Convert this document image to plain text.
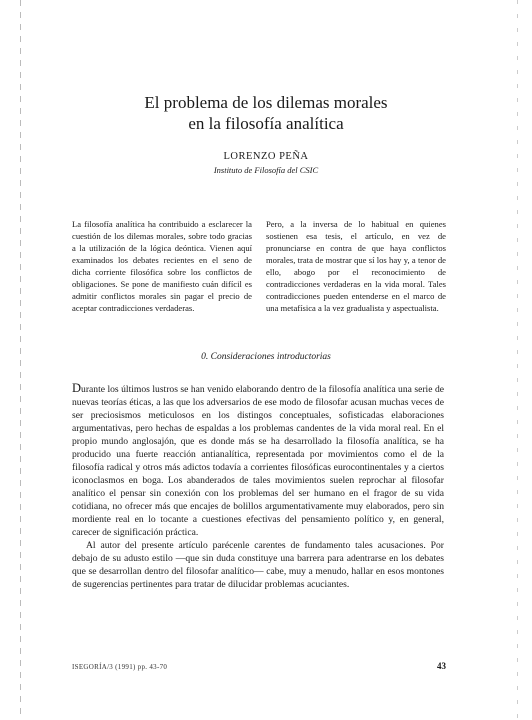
El problema de los dilemas morales
en la filosofía analítica
LORENZO PEÑA
Instituto de Filosofía del CSIC

La filosofía analítica ha contribuido a esclarecer la cuestión de los dilemas morales, sobre todo gracias a la utilización de la lógica deóntica. Vienen aquí examinados los debates recientes en el seno de dicha corriente filosófica sobre los conflictos de obligaciones. Se pone de manifiesto cuán difícil es admitir conflictos morales sin pagar el precio de aceptar contradicciones verdaderas.

Pero, a la inversa de lo habitual en quienes sostienen esa tesis, el artículo, en vez de pronunciarse en contra de que haya conflictos morales, trata de mostrar que sí los hay y, a tenor de ello, abogo por el reconocimiento de contradicciones verdaderas en la vida moral. Tales contradicciones pueden entenderse en el marco de una metafísica a la vez gradualista y aspectualista.

0. Consideraciones introductorias

Durante los últimos lustros se han venido elaborando dentro de la filosofía analítica una serie de nuevas teorías éticas, a las que los adversarios de ese modo de filosofar acusan muchas veces de ser preciosismos meticulosos en los distingos conceptuales, sofisticadas elaboraciones argumentativas, pero hechas de espaldas a los problemas candentes de la vida moral real. En el propio mundo anglosajón, que es donde más se ha desarrollado la filosofía analítica, se ha producido una fuerte reacción antianalítica, representada por movimientos como el de la filosofía radical y otros más adictos todavía a corrientes filosóficas eurocontinentales y a ciertos iconoclasmos en boga. Los abanderados de tales movimientos suelen reprochar al filosofar analítico el pensar sin conexión con los problemas del ser humano en el fragor de su vida cotidiana, no ofrecer más que encajes de bolillos argumentativamente muy elaborados, pero sin mordiente real en lo tocante a cuestiones efectivas del pensamiento político y, en general, carecer de significación práctica.

Al autor del presente artículo parécenle carentes de fundamento tales acusaciones. Por debajo de su adusto estilo —que sin duda constituye una barrera para adentrarse en los debates que se desarrollan dentro del filosofar analítico— cabe, muy a menudo, hallar en esos montones de sugerencias pertinentes para tratar de dilucidar problemas acuciantes.

ISEGORÍA/3 (1991) pp. 43-70	43
